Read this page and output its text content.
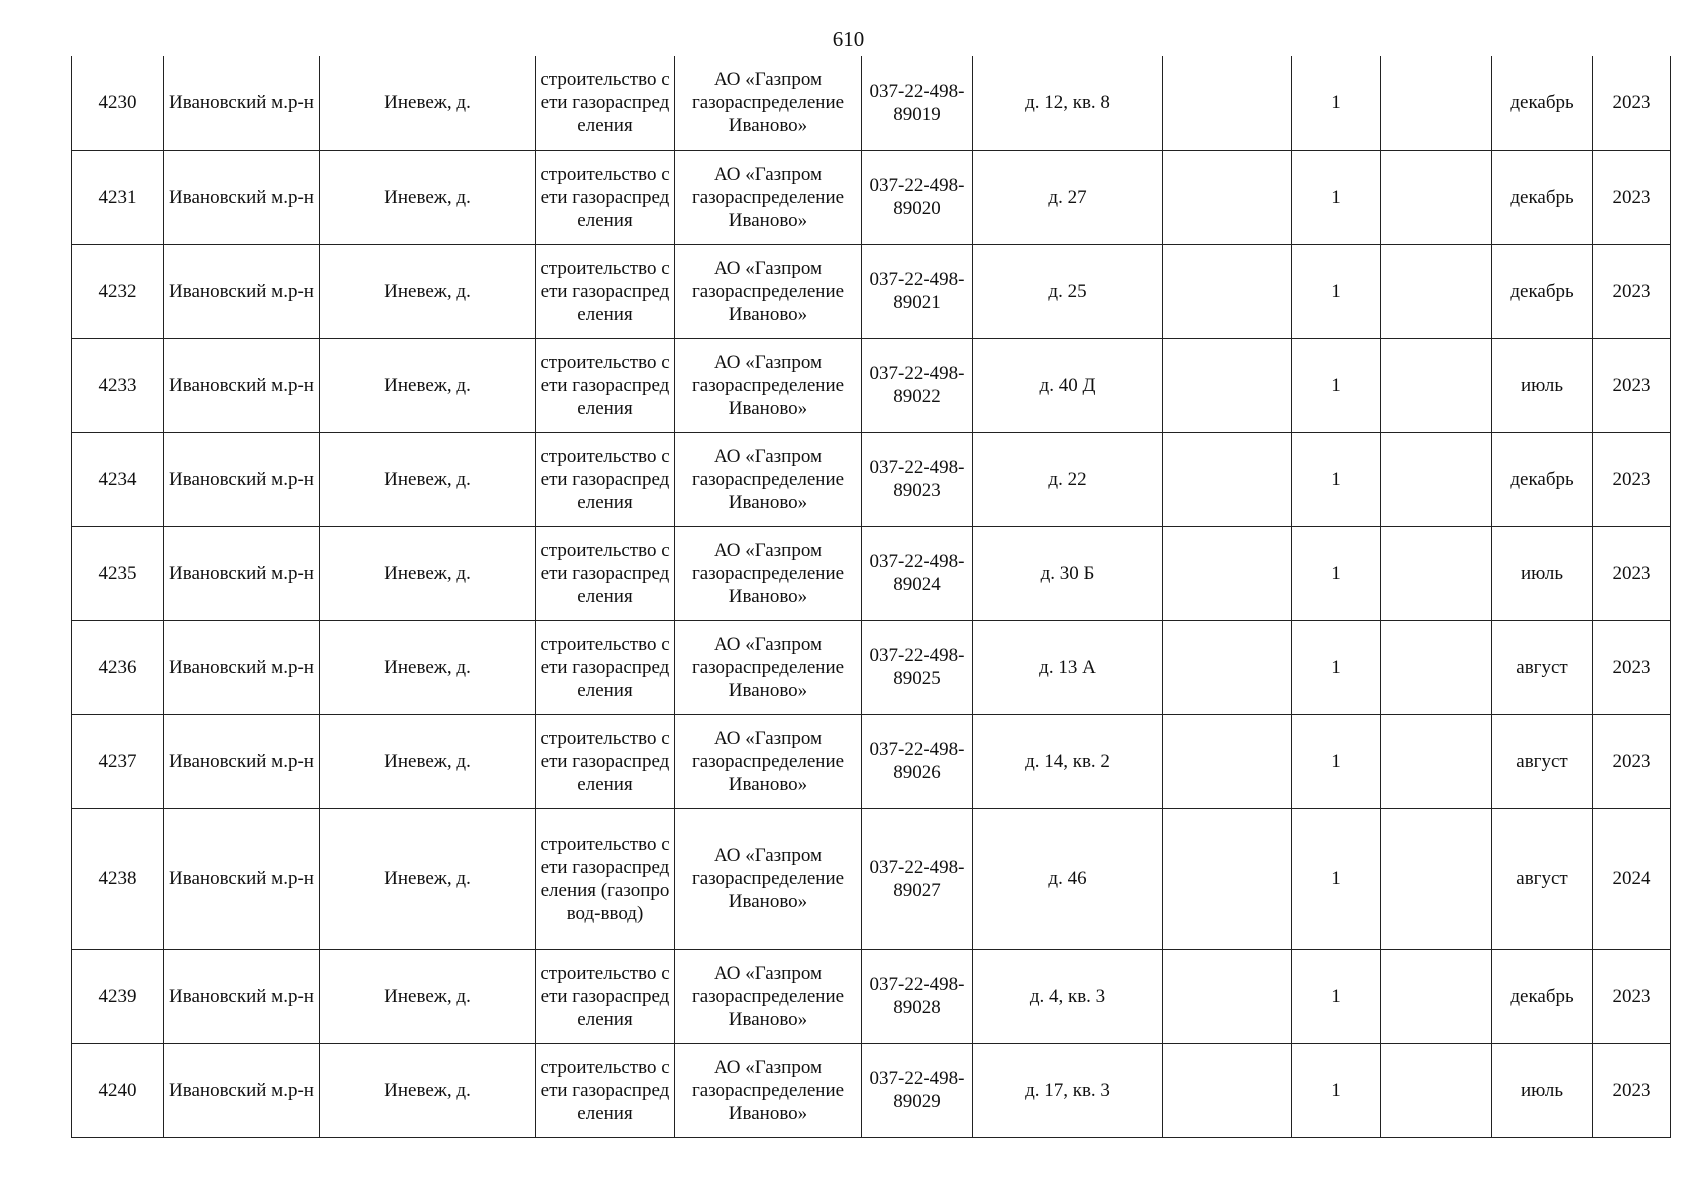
610
4230	Ивановский м.р-н	Иневеж, д.	строительство сети газораспределения	АО «Газпром газораспределение Иваново»	037-22-498-89019	д. 12, кв. 8		1		декабрь	2023
4231	Ивановский м.р-н	Иневеж, д.	строительство сети газораспределения	АО «Газпром газораспределение Иваново»	037-22-498-89020	д. 27		1		декабрь	2023
4232	Ивановский м.р-н	Иневеж, д.	строительство сети газораспределения	АО «Газпром газораспределение Иваново»	037-22-498-89021	д. 25		1		декабрь	2023
4233	Ивановский м.р-н	Иневеж, д.	строительство сети газораспределения	АО «Газпром газораспределение Иваново»	037-22-498-89022	д. 40 Д		1		июль	2023
4234	Ивановский м.р-н	Иневеж, д.	строительство сети газораспределения	АО «Газпром газораспределение Иваново»	037-22-498-89023	д. 22		1		декабрь	2023
4235	Ивановский м.р-н	Иневеж, д.	строительство сети газораспределения	АО «Газпром газораспределение Иваново»	037-22-498-89024	д. 30 Б		1		июль	2023
4236	Ивановский м.р-н	Иневеж, д.	строительство сети газораспределения	АО «Газпром газораспределение Иваново»	037-22-498-89025	д. 13 А		1		август	2023
4237	Ивановский м.р-н	Иневеж, д.	строительство сети газораспределения	АО «Газпром газораспределение Иваново»	037-22-498-89026	д. 14, кв. 2		1		август	2023
4238	Ивановский м.р-н	Иневеж, д.	строительство сети газораспределения (газопровод-ввод)	АО «Газпром газораспределение Иваново»	037-22-498-89027	д. 46		1		август	2024
4239	Ивановский м.р-н	Иневеж, д.	строительство сети газораспределения	АО «Газпром газораспределение Иваново»	037-22-498-89028	д. 4, кв. 3		1		декабрь	2023
4240	Ивановский м.р-н	Иневеж, д.	строительство сети газораспределения	АО «Газпром газораспределение Иваново»	037-22-498-89029	д. 17, кв. 3		1		июль	2023
